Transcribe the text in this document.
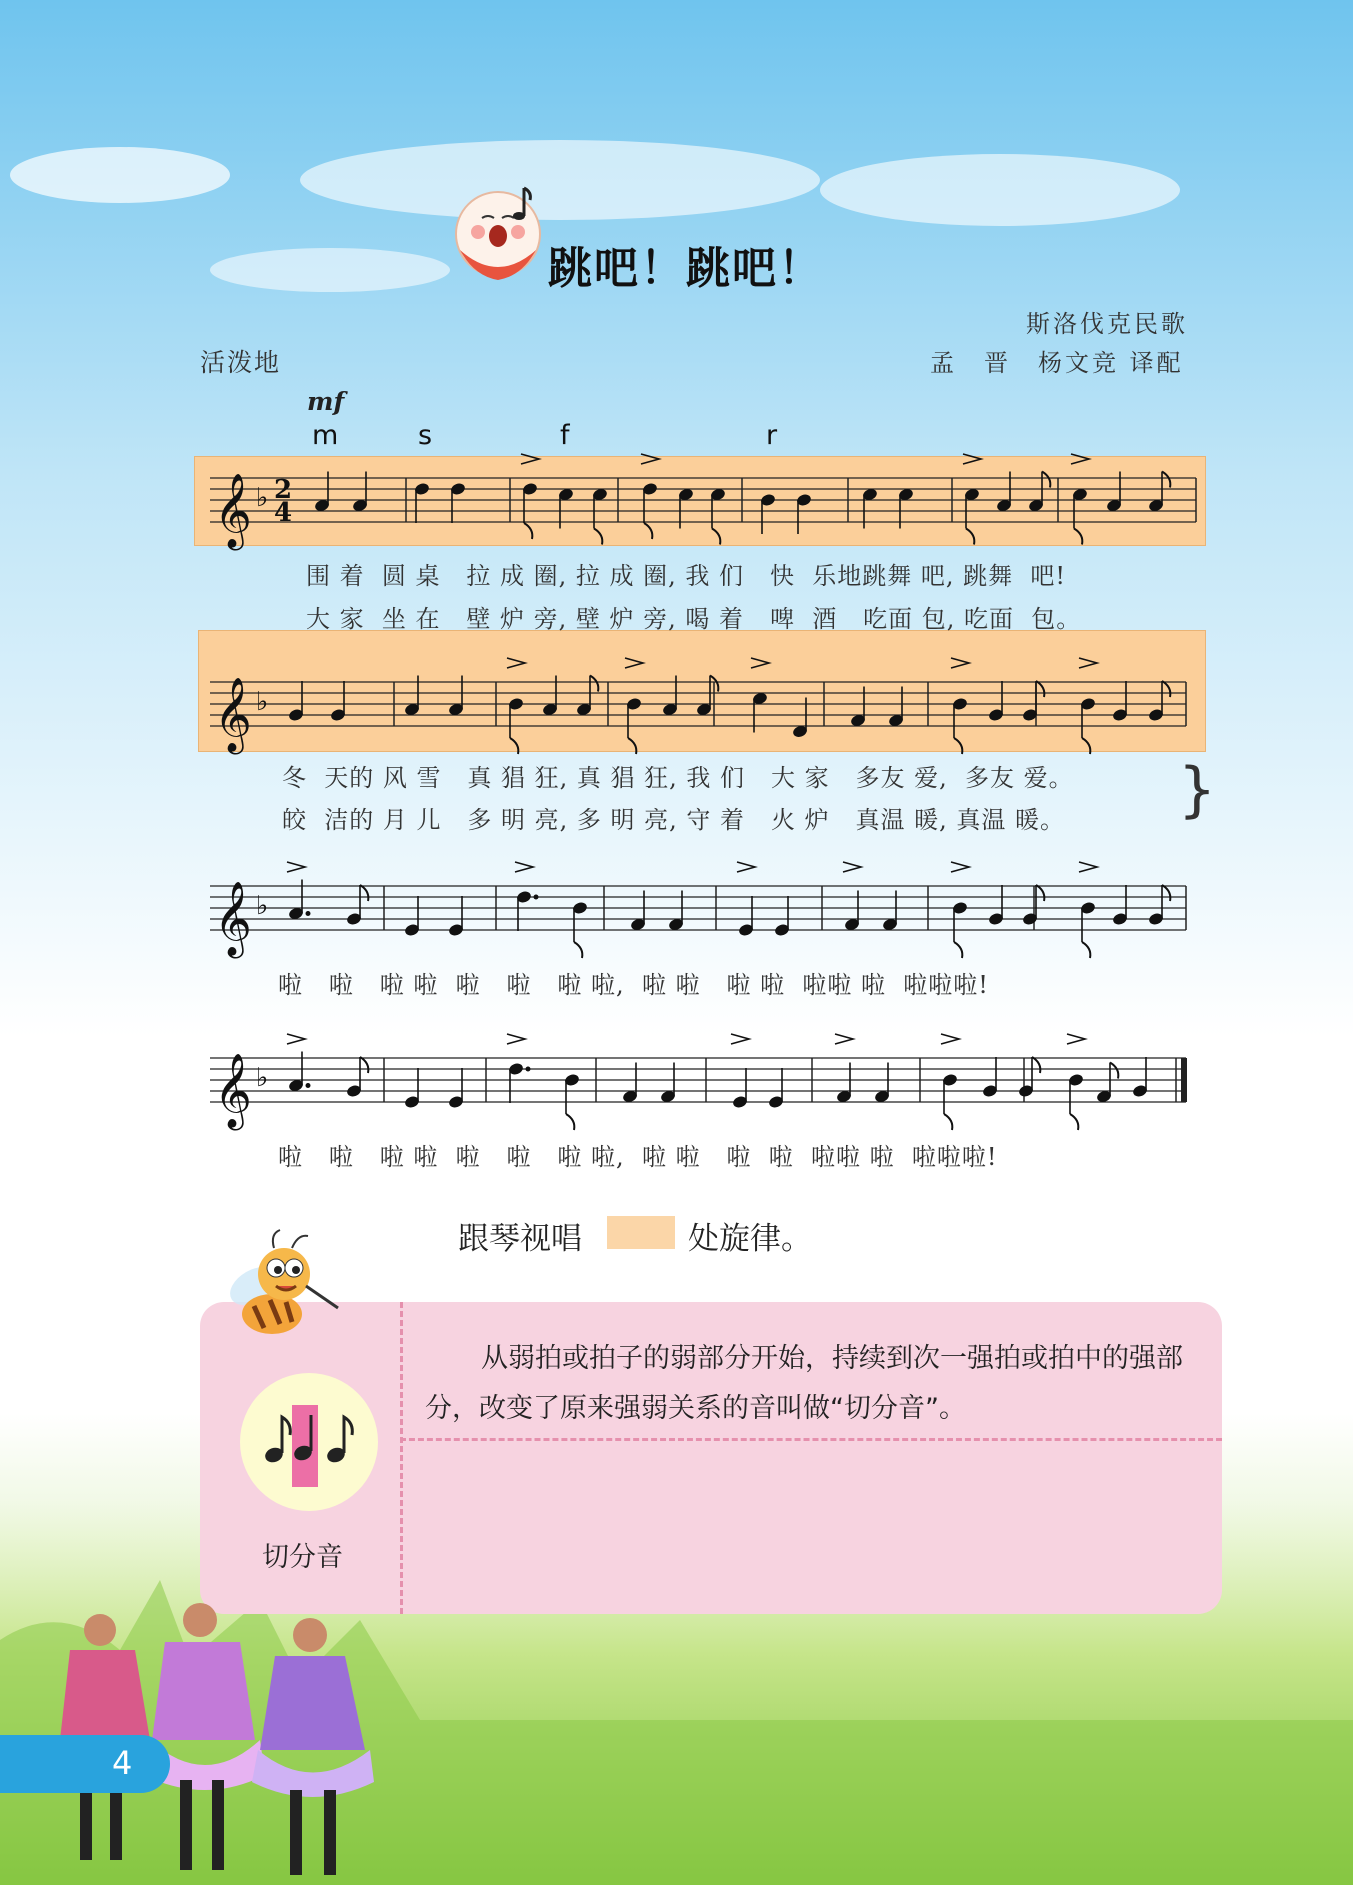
跳吧！跳吧！
斯洛伐克民歌
孟　晋　杨文竞 译配
活泼地
mf
m	s	f	r
𝄞 ♭ 2
4
𝄞 ♭
𝄞 ♭
𝄞 ♭
围 着  圆 桌   拉 成 圈, 拉 成 圈, 我 们   快  乐地跳舞 吧, 跳舞  吧!
大 家  坐 在   壁 炉 旁, 壁 炉 旁, 喝 着   啤  酒   吃面 包, 吃面  包。
冬  天的 风 雪   真 猖 狂, 真 猖 狂, 我 们   大 家   多友 爱,  多友 爱。
皎  洁的 月 儿   多 明 亮, 多 明 亮, 守 着   火 炉   真温 暖, 真温 暖。 }
啦   啦   啦 啦  啦   啦   啦 啦,  啦 啦   啦 啦  啦啦 啦  啦啦啦!
啦   啦   啦 啦  啦   啦   啦 啦,  啦 啦   啦  啦  啦啦 啦  啦啦啦!
跟琴视唱	处旋律。
从弱拍或拍子的弱部分开始，持续到次一强拍或拍中的强部分，改变了原来强弱关系的音叫做“切分音”。
切分音
4
